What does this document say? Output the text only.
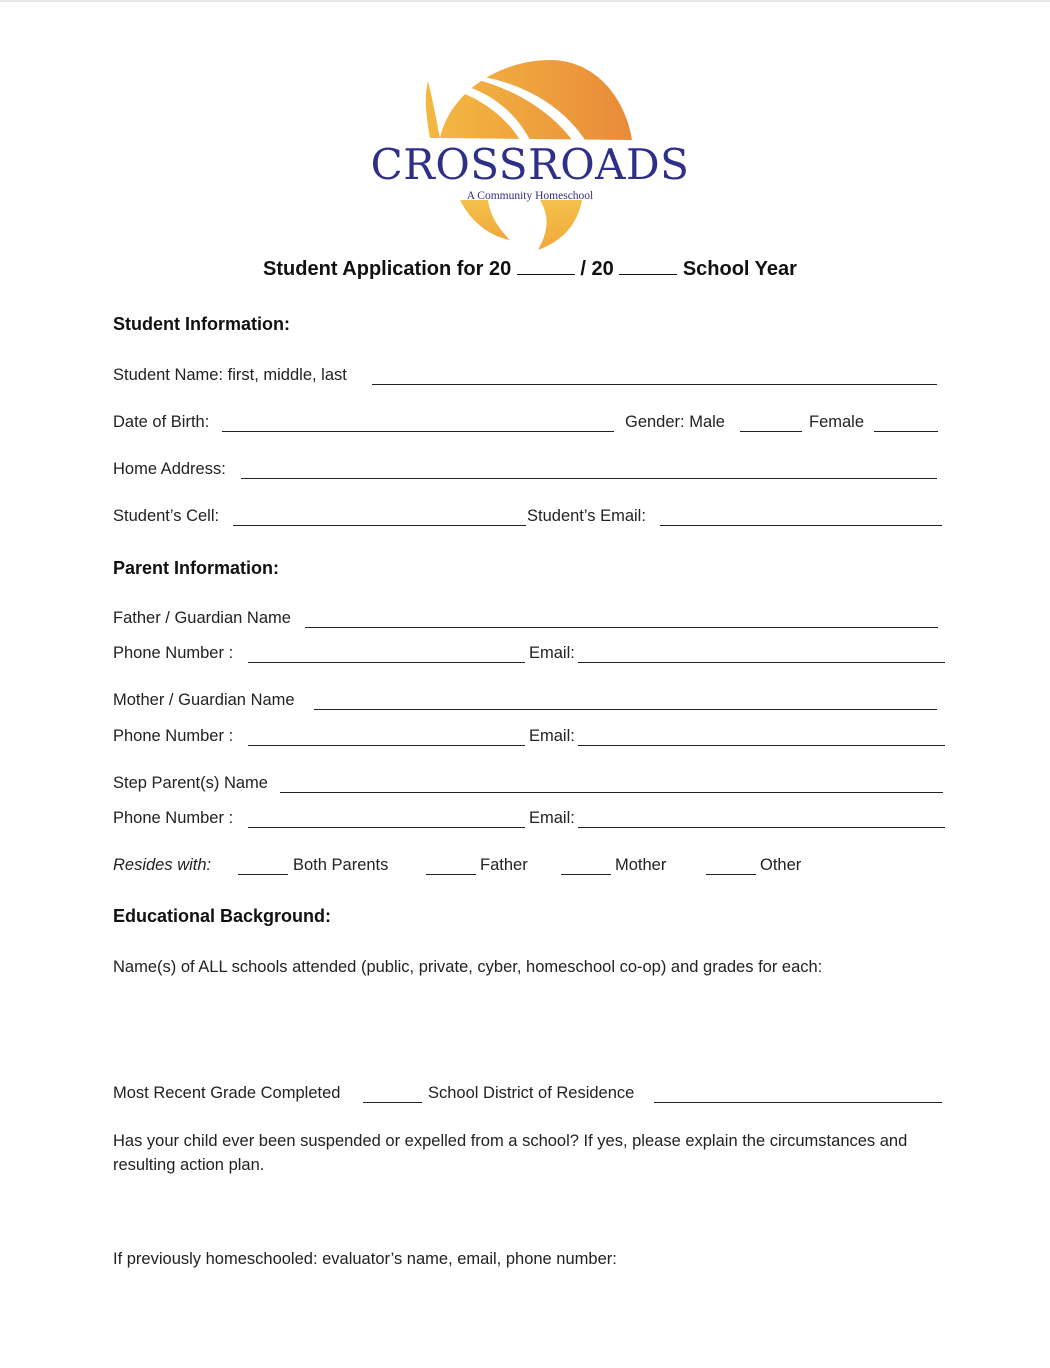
CROSSROADS
A Community Homeschool
Student Application for 20	/ 20	School Year
Student Information:
Student Name: first, middle, last
Date of Birth:	Gender: Male	Female
Home Address:
Student’s Cell:	Student’s Email:
Parent Information:
Father / Guardian Name
Phone Number :	Email:
Mother / Guardian Name
Phone Number :	Email:
Step Parent(s) Name
Phone Number :	Email:
Resides with:	Both Parents	Father	Mother	Other
Educational Background:
Name(s) of ALL schools attended (public, private, cyber, homeschool co-op) and grades for each:
Most Recent Grade Completed	School District of Residence
Has your child ever been suspended or expelled from a school? If yes, please explain the circumstances and resulting action plan.
If previously homeschooled: evaluator’s name, email, phone number:
